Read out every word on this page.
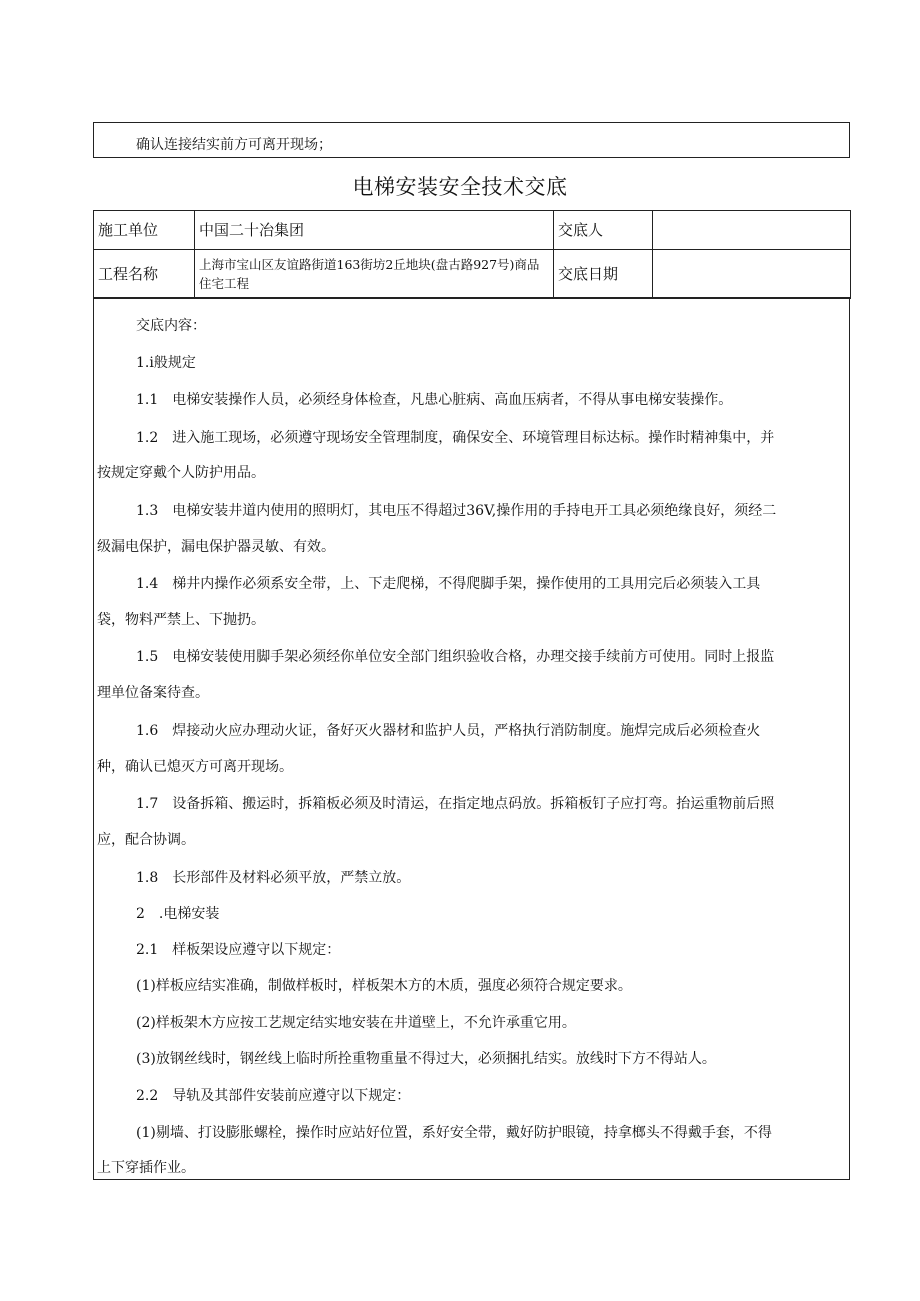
确认连接结实前方可离开现场；
电梯安装安全技术交底
施工单位	中国二十冶集团	交底人	
工程名称	上海市宝山区友谊路街道163街坊2丘地块(盘古路927号)商品住宅工程	交底日期	
交底内容：
1.i般规定
1.1　电梯安装操作人员，必须经身体检查，凡患心脏病、高血压病者，不得从事电梯安装操作。
1.2　进入施工现场，必须遵守现场安全管理制度，确保安全、环境管理目标达标。操作时精神集中，并
按规定穿戴个人防护用品。
1.3　电梯安装井道内使用的照明灯，其电压不得超过36V,操作用的手持电开工具必须绝缘良好，须经二
级漏电保护，漏电保护器灵敏、有效。
1.4　梯井内操作必须系安全带，上、下走爬梯，不得爬脚手架，操作使用的工具用完后必须装入工具
袋，物料严禁上、下抛扔。
1.5　电梯安装使用脚手架必须经你单位安全部门组织验收合格，办理交接手续前方可使用。同时上报监
理单位备案待查。
1.6　焊接动火应办理动火证，备好灭火器材和监护人员，严格执行消防制度。施焊完成后必须检查火
种，确认已熄灭方可离开现场。
1.7　设备拆箱、搬运时，拆箱板必须及时清运，在指定地点码放。拆箱板钉子应打弯。抬运重物前后照
应，配合协调。
1.8　长形部件及材料必须平放，严禁立放。
2　.电梯安装
2.1　样板架设应遵守以下规定：
(1)样板应结实准确，制做样板时，样板架木方的木质，强度必须符合规定要求。
(2)样板架木方应按工艺规定结实地安装在井道壁上，不允许承重它用。
(3)放钢丝线时，钢丝线上临时所拴重物重量不得过大，必须捆扎结实。放线时下方不得站人。
2.2　导轨及其部件安装前应遵守以下规定：
(1)剔墙、打设膨胀螺栓，操作时应站好位置，系好安全带，戴好防护眼镜，持拿榔头不得戴手套，不得
上下穿插作业。
